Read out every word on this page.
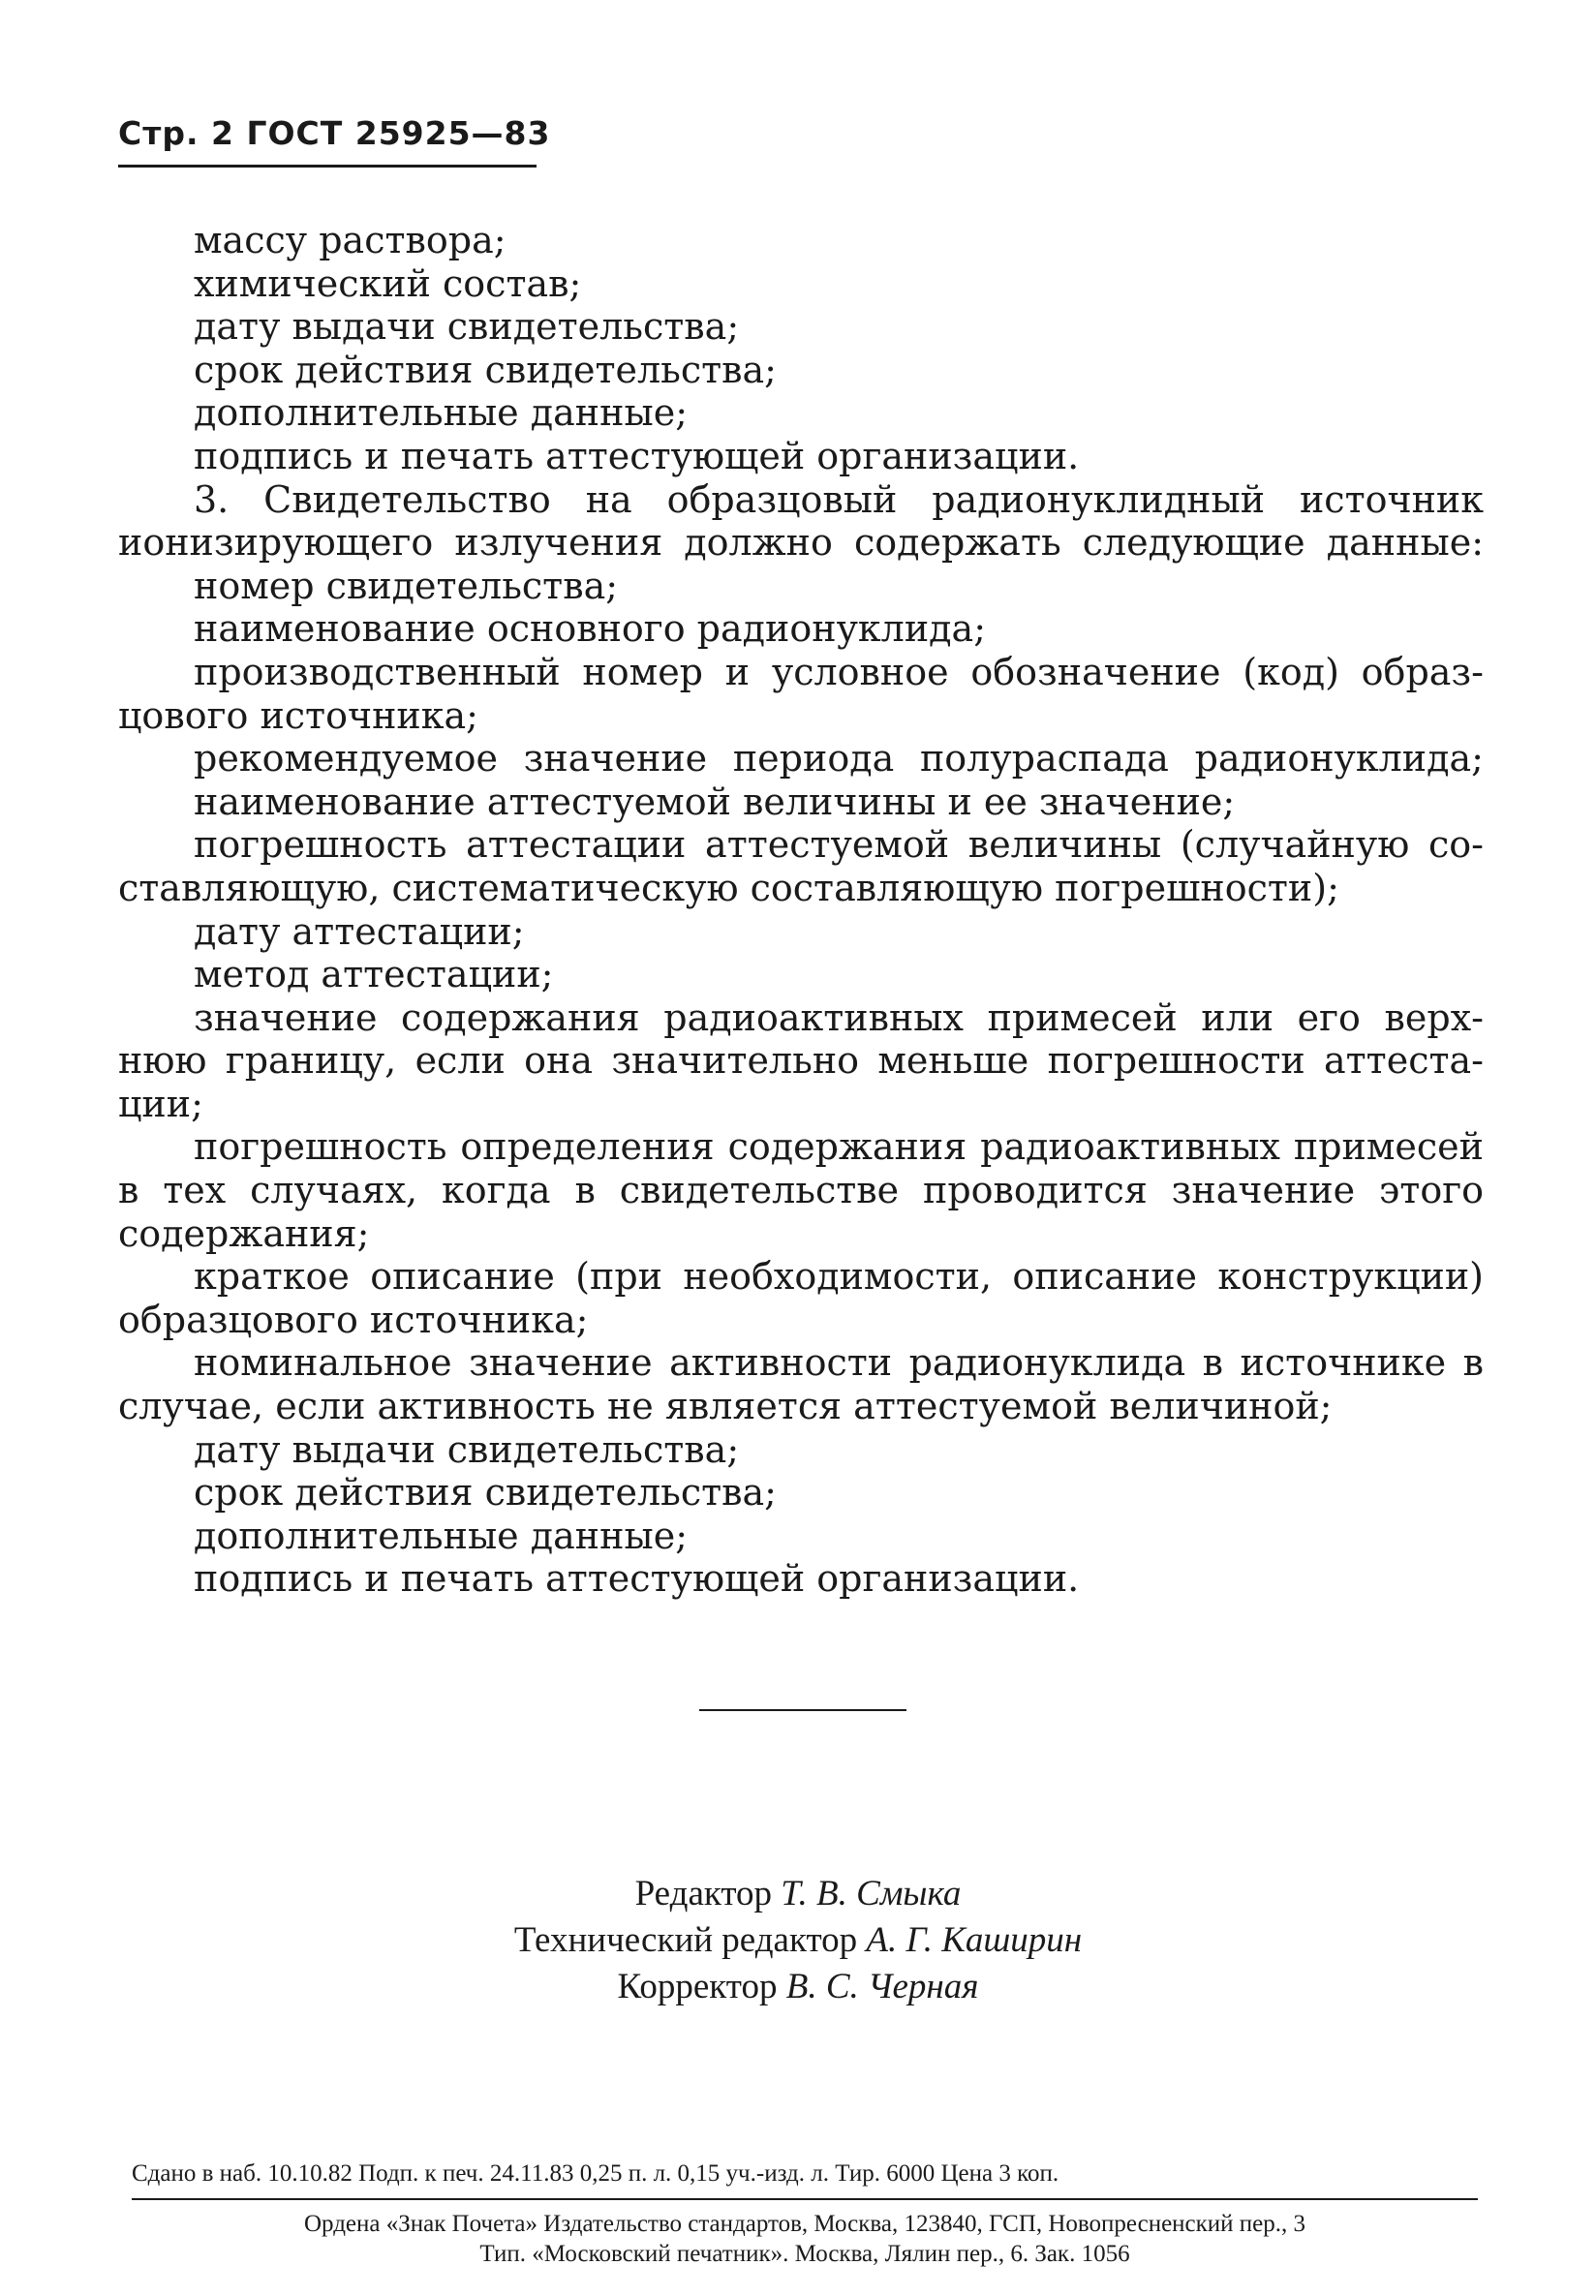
Стр. 2 ГОСТ 25925—83
массу раствора;
химический состав;
дату выдачи свидетельства;
срок действия свидетельства;
дополнительные данные;
подпись и печать аттестующей организации.
3. Свидетельство на образцовый радионуклидный источник
ионизирующего излучения должно содержать следующие данные:
номер свидетельства;
наименование основного радионуклида;
производственный номер и условное обозначение (код) образ-
цового источника;
рекомендуемое значение периода полураспада радионуклида;
наименование аттестуемой величины и ее значение;
погрешность аттестации аттестуемой величины (случайную со-
ставляющую, систематическую составляющую погрешности);
дату аттестации;
метод аттестации;
значение содержания радиоактивных примесей или его верх-
нюю границу, если она значительно меньше погрешности аттеста-
ции;
погрешность определения содержания радиоактивных примесей
в тех случаях, когда в свидетельстве проводится значение этого
содержания;
краткое описание (при необходимости, описание конструкции)
образцового источника;
номинальное значение активности радионуклида в источнике в
случае, если активность не является аттестуемой величиной;
дату выдачи свидетельства;
срок действия свидетельства;
дополнительные данные;
подпись и печать аттестующей организации.
Редактор Т. В. Смыка
Технический редактор А. Г. Каширин
Корректор В. С. Черная
Сдано в наб. 10.10.82 Подп. к печ. 24.11.83 0,25 п. л. 0,15 уч.-изд. л. Тир. 6000 Цена 3 коп.
Ордена «Знак Почета» Издательство стандартов, Москва, 123840, ГСП, Новопресненский пер., 3
Тип. «Московский печатник». Москва, Лялин пер., 6. Зак. 1056
